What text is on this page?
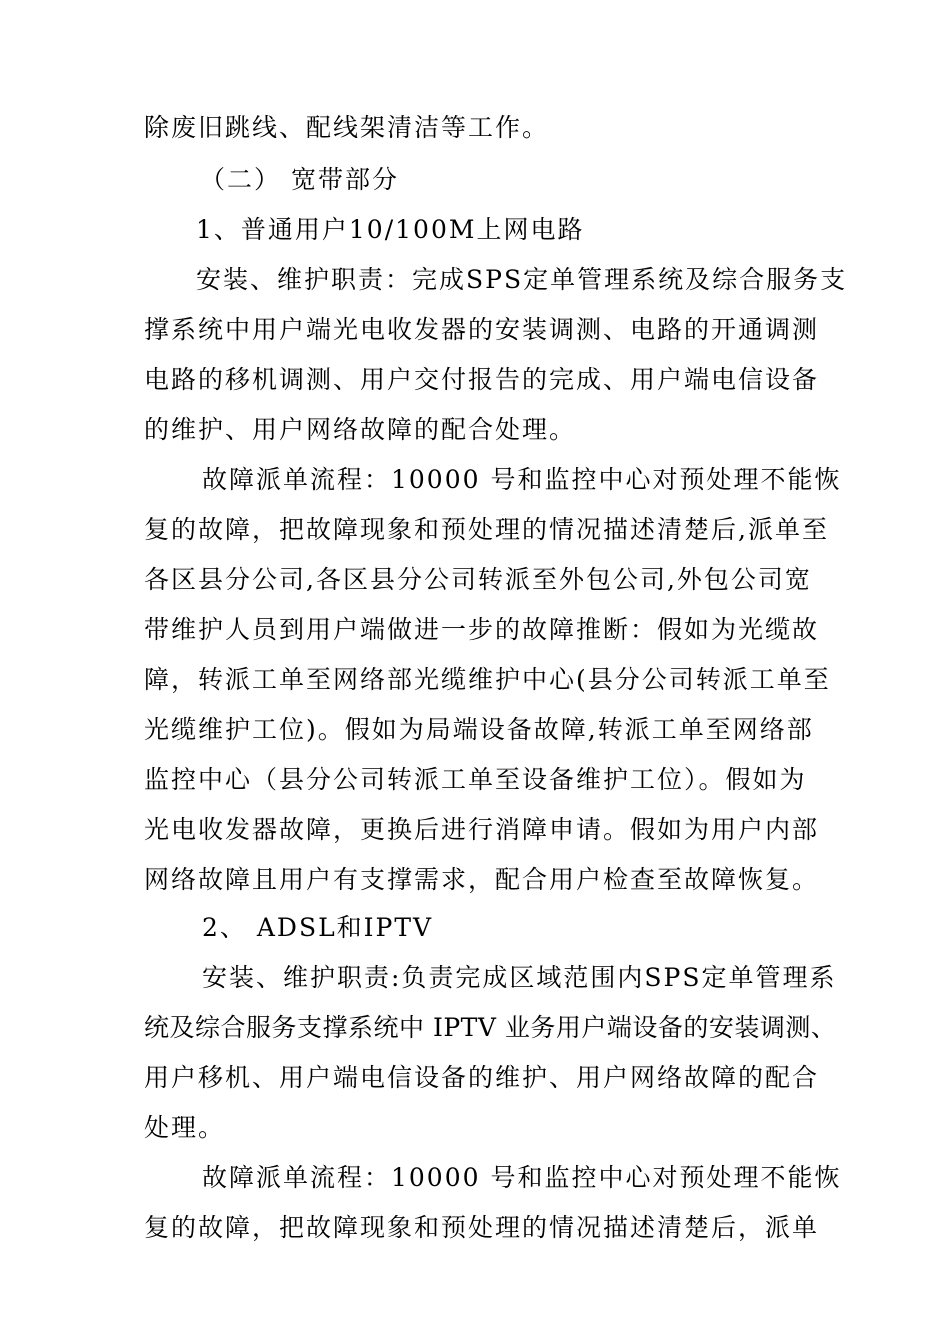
除废旧跳线、配线架清洁等工作。
（二） 宽带部分
1、普通用户10/100M上网电路
安装、维护职责：完成SPS定单管理系统及综合服务支
撑系统中用户端光电收发器的安装调测、电路的开通调测
电路的移机调测、用户交付报告的完成、用户端电信设备
的维护、用户网络故障的配合处理。
故障派单流程：10000 号和监控中心对预处理不能恢
复的故障，把故障现象和预处理的情况描述清楚后,派单至
各区县分公司,各区县分公司转派至外包公司,外包公司宽
带维护人员到用户端做进一步的故障推断：假如为光缆故
障，转派工单至网络部光缆维护中心(县分公司转派工单至
光缆维护工位)。假如为局端设备故障,转派工单至网络部
监控中心（县分公司转派工单至设备维护工位）。假如为
光电收发器故障，更换后进行消障申请。假如为用户内部
网络故障且用户有支撑需求，配合用户检查至故障恢复。
2、 ADSL和IPTV
安装、维护职责:负责完成区域范围内SPS定单管理系
统及综合服务支撑系统中 IPTV 业务用户端设备的安装调测、
用户移机、用户端电信设备的维护、用户网络故障的配合
处理。
故障派单流程：10000 号和监控中心对预处理不能恢
复的故障，把故障现象和预处理的情况描述清楚后，派单
